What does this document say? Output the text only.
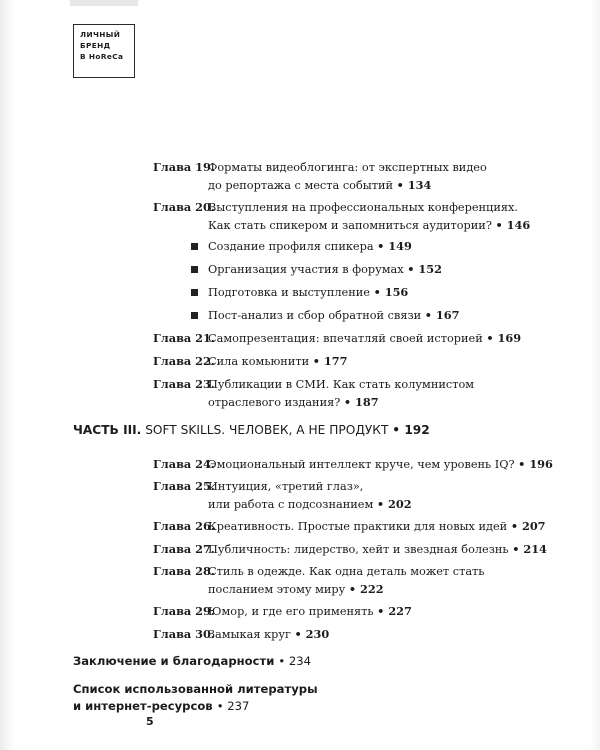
ЛИЧНЫЙ
БРЕНД
В HoReCa
Глава 19.
Форматы видеоблогинга: от экспертных видео
до репортажа с места событий • 134
Глава 20.
Выступления на профессиональных конференциях.
Как стать спикером и запомниться аудитории? • 146
Создание профиля спикера • 149
Организация участия в форумах • 152
Подготовка и выступление • 156
Пост-анализ и сбор обратной связи • 167
Глава 21.
Самопрезентация: впечатляй своей историей • 169
Глава 22.
Сила комьюнити • 177
Глава 23.
Публикации в СМИ. Как стать колумнистом
отраслевого издания? • 187
ЧАСТЬ III. SOFT SKILLS. ЧЕЛОВЕК, А НЕ ПРОДУКТ • 192
Глава 24.
Эмоциональный интеллект круче, чем уровень IQ? • 196
Глава 25.
Интуиция, «третий глаз»,
или работа с подсознанием • 202
Глава 26.
Креативность. Простые практики для новых идей • 207
Глава 27.
Публичность: лидерство, хейт и звездная болезнь • 214
Глава 28.
Стиль в одежде. Как одна деталь может стать
посланием этому миру • 222
Глава 29.
Юмор, и где его применять • 227
Глава 30.
Замыкая круг • 230
Заключение и благодарности • 234
Список использованной литературы
и интернет-ресурсов • 237
5
